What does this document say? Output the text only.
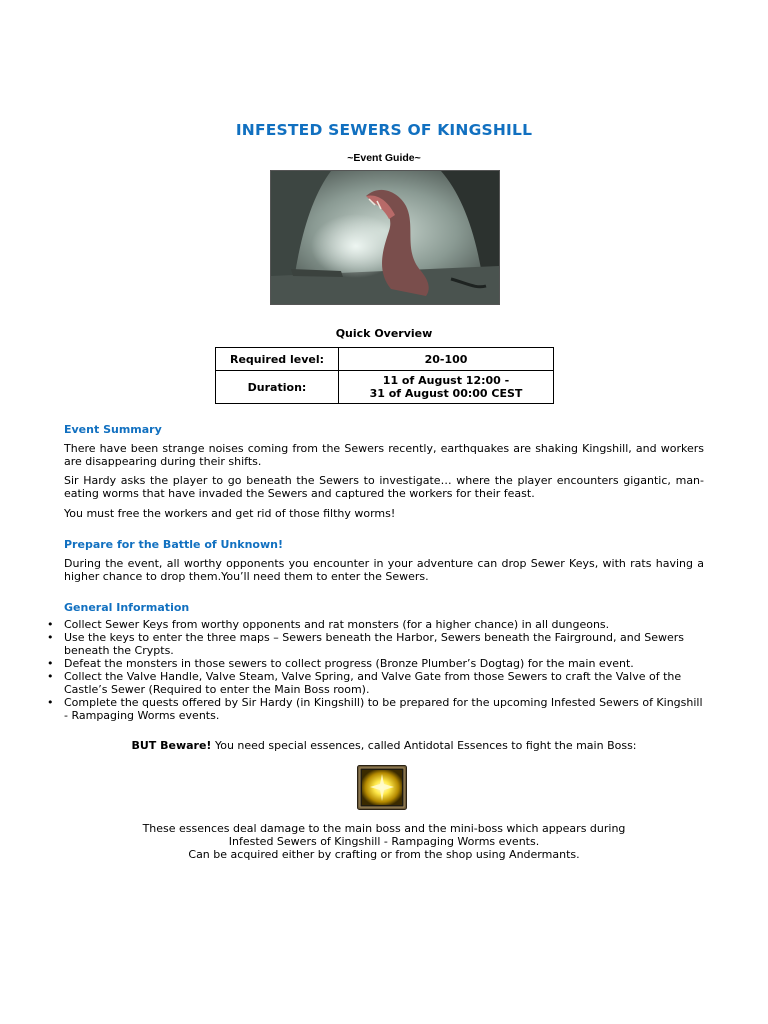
INFESTED SEWERS OF KINGSHILL
~Event Guide~
Quick Overview
Required level:	20-100
Duration:	11 of August 12:00 -
31 of August 00:00 CEST
Event Summary
There have been strange noises coming from the Sewers recently, earthquakes are shaking Kingshill, and workers are disappearing during their shifts.
Sir Hardy asks the player to go beneath the Sewers to investigate… where the player encounters gigantic, man-eating worms that have invaded the Sewers and captured the workers for their feast.
You must free the workers and get rid of those filthy worms!
Prepare for the Battle of Unknown!
During the event, all worthy opponents you encounter in your adventure can drop Sewer Keys, with rats having a higher chance to drop them.You’ll need them to enter the Sewers.
General Information
• Collect Sewer Keys from worthy opponents and rat monsters (for a higher chance) in all dungeons.
• Use the keys to enter the three maps – Sewers beneath the Harbor, Sewers beneath the Fairground, and Sewers beneath the Crypts.
• Defeat the monsters in those sewers to collect progress (Bronze Plumber’s Dogtag) for the main event.
• Collect the Valve Handle, Valve Steam, Valve Spring, and Valve Gate from those Sewers to craft the Valve of the Castle’s Sewer (Required to enter the Main Boss room).
• Complete the quests offered by Sir Hardy (in Kingshill) to be prepared for the upcoming Infested Sewers of Kingshill - Rampaging Worms events.
BUT Beware! You need special essences, called Antidotal Essences to fight the main Boss:
These essences deal damage to the main boss and the mini-boss which appears during
Infested Sewers of Kingshill - Rampaging Worms events.
Can be acquired either by crafting or from the shop using Andermants.
